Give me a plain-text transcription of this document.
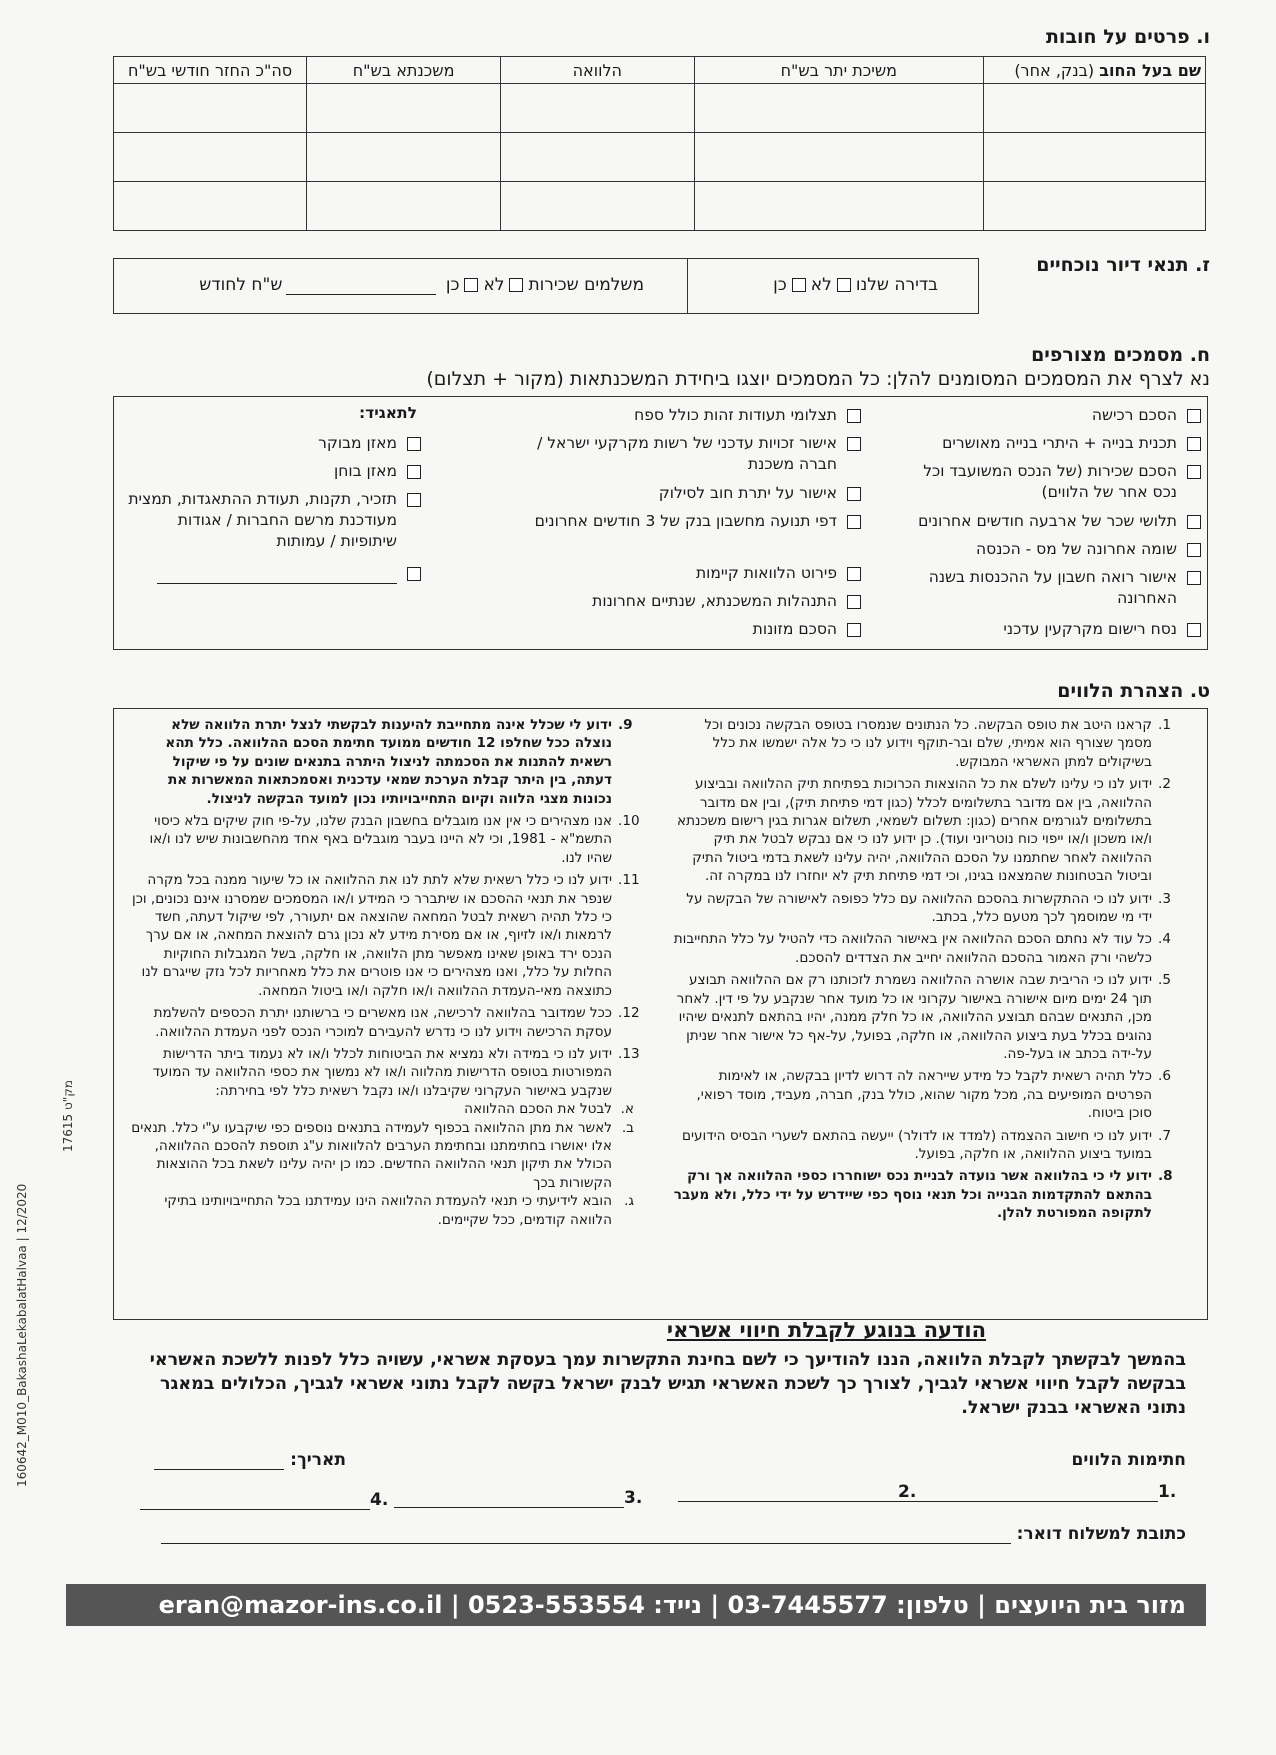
ו. פרטים על חובות
שם בעל החוב (בנק, אחר)	משיכת יתר בש"ח	הלוואה	משכנתא בש"ח	סה"כ החזר חודשי בש"ח

ז. תנאי דיור נוכחיים
בדירה שלנולאכן
משלמים שכירותלאכן ש"ח לחודש
ח. מסמכים מצורפים
נא לצרף את המסמכים המסומנים להלן: כל המסמכים יוצגו ביחידת המשכנתאות (מקור + תצלום)
הסכם רכישה
תכנית בנייה + היתרי בנייה מאושרים
הסכם שכירות (של הנכס המשועבד וכל נכס אחר של הלווים)
תלושי שכר של ארבעה חודשים אחרונים
שומה אחרונה של מס - הכנסה
אישור רואה חשבון על ההכנסות בשנה האחרונה
נסח רישום מקרקעין עדכני
תצלומי תעודות זהות כולל ספח
אישור זכויות עדכני של רשות מקרקעי ישראל / חברה משכנת
אישור על יתרת חוב לסילוק
דפי תנועה מחשבון בנק של 3 חודשים אחרונים
פירוט הלוואות קיימות
התנהלות המשכנתא, שנתיים אחרונות
הסכם מזונות
לתאגיד:
מאזן מבוקר
מאזן בוחן
תזכיר, תקנות, תעודת ההתאגדות, תמצית מעודכנת מרשם החברות / אגודות שיתופיות / עמותות
ט. הצהרת הלווים
1.
קראנו היטב את טופס הבקשה. כל הנתונים שנמסרו בטופס הבקשה נכונים וכל מסמך שצורף הוא אמיתי, שלם ובר-תוקף וידוע לנו כי כל אלה ישמשו את כלל בשיקולים למתן האשראי המבוקש.
2.
ידוע לנו כי עלינו לשלם את כל ההוצאות הכרוכות בפתיחת תיק ההלוואה ובביצוע ההלוואה, בין אם מדובר בתשלומים לכלל (כגון דמי פתיחת תיק), ובין אם מדובר בתשלומים לגורמים אחרים (כגון: תשלום לשמאי, תשלום אגרות בגין רישום משכנתא ו/או משכון ו/או ייפוי כוח נוטריוני ועוד). כן ידוע לנו כי אם נבקש לבטל את תיק ההלוואה לאחר שחתמנו על הסכם ההלוואה, יהיה עלינו לשאת בדמי ביטול התיק וביטול הבטחונות שהמצאנו בגינו, וכי דמי פתיחת תיק לא יוחזרו לנו במקרה זה.
3.
ידוע לנו כי ההתקשרות בהסכם ההלוואה עם כלל כפופה לאישורה של הבקשה על ידי מי שמוסמך לכך מטעם כלל, בכתב.
4.
כל עוד לא נחתם הסכם ההלוואה אין באישור ההלוואה כדי להטיל על כלל התחייבות כלשהי ורק האמור בהסכם ההלוואה יחייב את הצדדים להסכם.
5.
ידוע לנו כי הריבית שבה אושרה ההלוואה נשמרת לזכותנו רק אם ההלוואה תבוצע תוך 24 ימים מיום אישורה באישור עקרוני או כל מועד אחר שנקבע על פי דין. לאחר מכן, התנאים שבהם תבוצע ההלוואה, או כל חלק ממנה, יהיו בהתאם לתנאים שיהיו נהוגים בכלל בעת ביצוע ההלוואה, או חלקה, בפועל, על-אף כל אישור אחר שניתן על-ידה בכתב או בעל-פה.
6.
כלל תהיה רשאית לקבל כל מידע שייראה לה דרוש לדיון בבקשה, או לאימות הפרטים המופיעים בה, מכל מקור שהוא, כולל בנק, חברה, מעביד, מוסד רפואי, סוכן ביטוח.
7.
ידוע לנו כי חישוב ההצמדה (למדד או לדולר) ייעשה בהתאם לשערי הבסיס הידועים במועד ביצוע ההלוואה, או חלקה, בפועל.
8.
ידוע לי כי בהלוואה אשר נועדה לבניית נכס ישוחררו כספי ההלוואה אך ורק בהתאם להתקדמות הבנייה וכל תנאי נוסף כפי שיידרש על ידי כלל, ולא מעבר לתקופה המפורטת להלן.
9.
ידוע לי שכלל אינה מתחייבת להיענות לבקשתי לנצל יתרת הלוואה שלא נוצלה ככל שחלפו 12 חודשים ממועד חתימת הסכם ההלוואה. כלל תהא רשאית להתנות את הסכמתה לניצול היתרה בתנאים שונים על פי שיקול דעתה, בין היתר קבלת הערכת שמאי עדכנית ואסמכתאות המאשרות את נכונות מצגי הלווה וקיום התחייבויותיו נכון למועד הבקשה לניצול.
10.
אנו מצהירים כי אין אנו מוגבלים בחשבון הבנק שלנו, על-פי חוק שיקים בלא כיסוי התשמ"א - 1981, וכי לא היינו בעבר מוגבלים באף אחד מהחשבונות שיש לנו ו/או שהיו לנו.
11.
ידוע לנו כי כלל רשאית שלא לתת לנו את ההלוואה או כל שיעור ממנה בכל מקרה שנפר את תנאי ההסכם או שיתברר כי המידע ו/או המסמכים שמסרנו אינם נכונים, וכן כי כלל תהיה רשאית לבטל המחאה שהוצאה אם יתעורר, לפי שיקול דעתה, חשד לרמאות ו/או לזיוף, או אם מסירת מידע לא נכון גרם להוצאת המחאה, או אם ערך הנכס ירד באופן שאינו מאפשר מתן הלוואה, או חלקה, בשל המגבלות החוקיות החלות על כלל, ואנו מצהירים כי אנו פוטרים את כלל מאחריות לכל נזק שייגרם לנו כתוצאה מאי-העמדת ההלוואה ו/או חלקה ו/או ביטול המחאה.
12.
ככל שמדובר בהלוואה לרכישה, אנו מאשרים כי ברשותנו יתרת הכספים להשלמת עסקת הרכישה וידוע לנו כי נדרש להעבירם למוכרי הנכס לפני העמדת ההלוואה.
13.
ידוע לנו כי במידה ולא נמציא את הביטוחות לכלל ו/או לא נעמוד ביתר הדרישות המפורטות בטופס הדרישות מהלווה ו/או לא נמשוך את כספי ההלוואה עד המועד שנקבע באישור העקרוני שקיבלנו ו/או נקבל רשאית כלל לפי בחירתה:
א.
לבטל את הסכם ההלוואה
ב.
לאשר את מתן ההלוואה בכפוף לעמידה בתנאים נוספים כפי שיקבעו ע"י כלל. תנאים אלו יאושרו בחתימתנו ובחתימת הערבים להלוואות ע"ג תוספת להסכם ההלוואה, הכולל את תיקון תנאי ההלוואה החדשים. כמו כן יהיה עלינו לשאת בכל ההוצאות הקשורות בכך
ג.
הובא לידיעתי כי תנאי להעמדת ההלוואה הינו עמידתנו בכל התחייבויותינו בתיקי הלוואה קודמים, ככל שקיימים.
הודעה בנוגע לקבלת חיווי אשראי
בהמשך לבקשתך לקבלת הלוואה, הננו להודיעך כי לשם בחינת התקשרות עמך בעסקת אשראי, עשויה כלל לפנות ללשכת האשראי בבקשה לקבל חיווי אשראי לגביך, לצורך כך לשכת האשראי תגיש לבנק ישראל בקשה לקבל נתוני אשראי לגביך, הכלולים במאגר נתוני האשראי בבנק ישראל.
חתימות הלווים
תאריך:
1.
2.
3.
4.
כתובת למשלוח דואר:
מזור בית היועצים | טלפון: 03-7445577 | נייד: 0523-553554 | eran@mazor-ins.co.il
160642_M010_BakashaLekabalatHalvaa | 12/2020
17615 מק"ט
